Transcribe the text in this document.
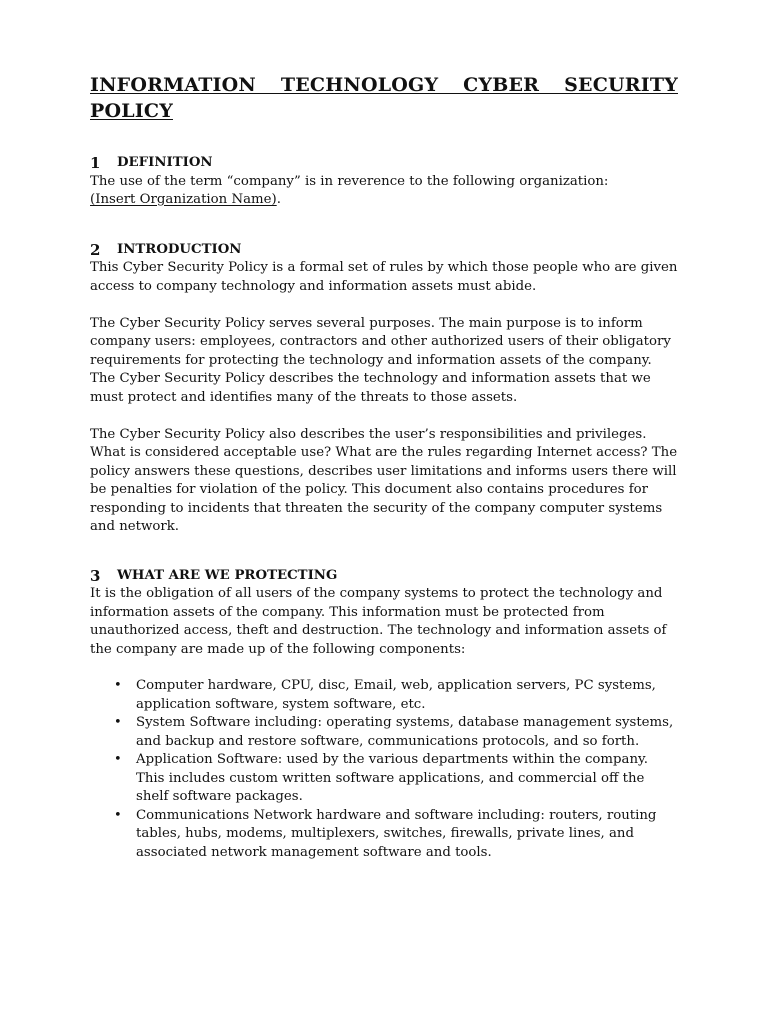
INFORMATION TECHNOLOGY CYBER SECURITY POLICY
1	DEFINITION

The use of the term “company” is in reverence to the following organization:
(Insert Organization Name).

2	INTRODUCTION

This Cyber Security Policy is a formal set of rules by which those people who are given access to company technology and information assets must abide.

The Cyber Security Policy serves several purposes. The main purpose is to inform company users: employees, contractors and other authorized users of their obligatory requirements for protecting the technology and information assets of the company. The Cyber Security Policy describes the technology and information assets that we must protect and identifies many of the threats to those assets.

The Cyber Security Policy also describes the user’s responsibilities and privileges. What is considered acceptable use? What are the rules regarding Internet access? The policy answers these questions, describes user limitations and informs users there will be penalties for violation of the policy. This document also contains procedures for responding to incidents that threaten the security of the company computer systems and network.

3	WHAT ARE WE PROTECTING

It is the obligation of all users of the company systems to protect the technology and information assets of the company. This information must be protected from unauthorized access, theft and destruction. The technology and information assets of the company are made up of the following components:

• Computer hardware, CPU, disc, Email, web, application servers, PC systems, application software, system software, etc.
• System Software including: operating systems, database management systems, and backup and restore software, communications protocols, and so forth.
• Application Software: used by the various departments within the company. This includes custom written software applications, and commercial off the shelf software packages.
• Communications Network hardware and software including: routers, routing tables, hubs, modems, multiplexers, switches, firewalls, private lines, and associated network management software and tools.
